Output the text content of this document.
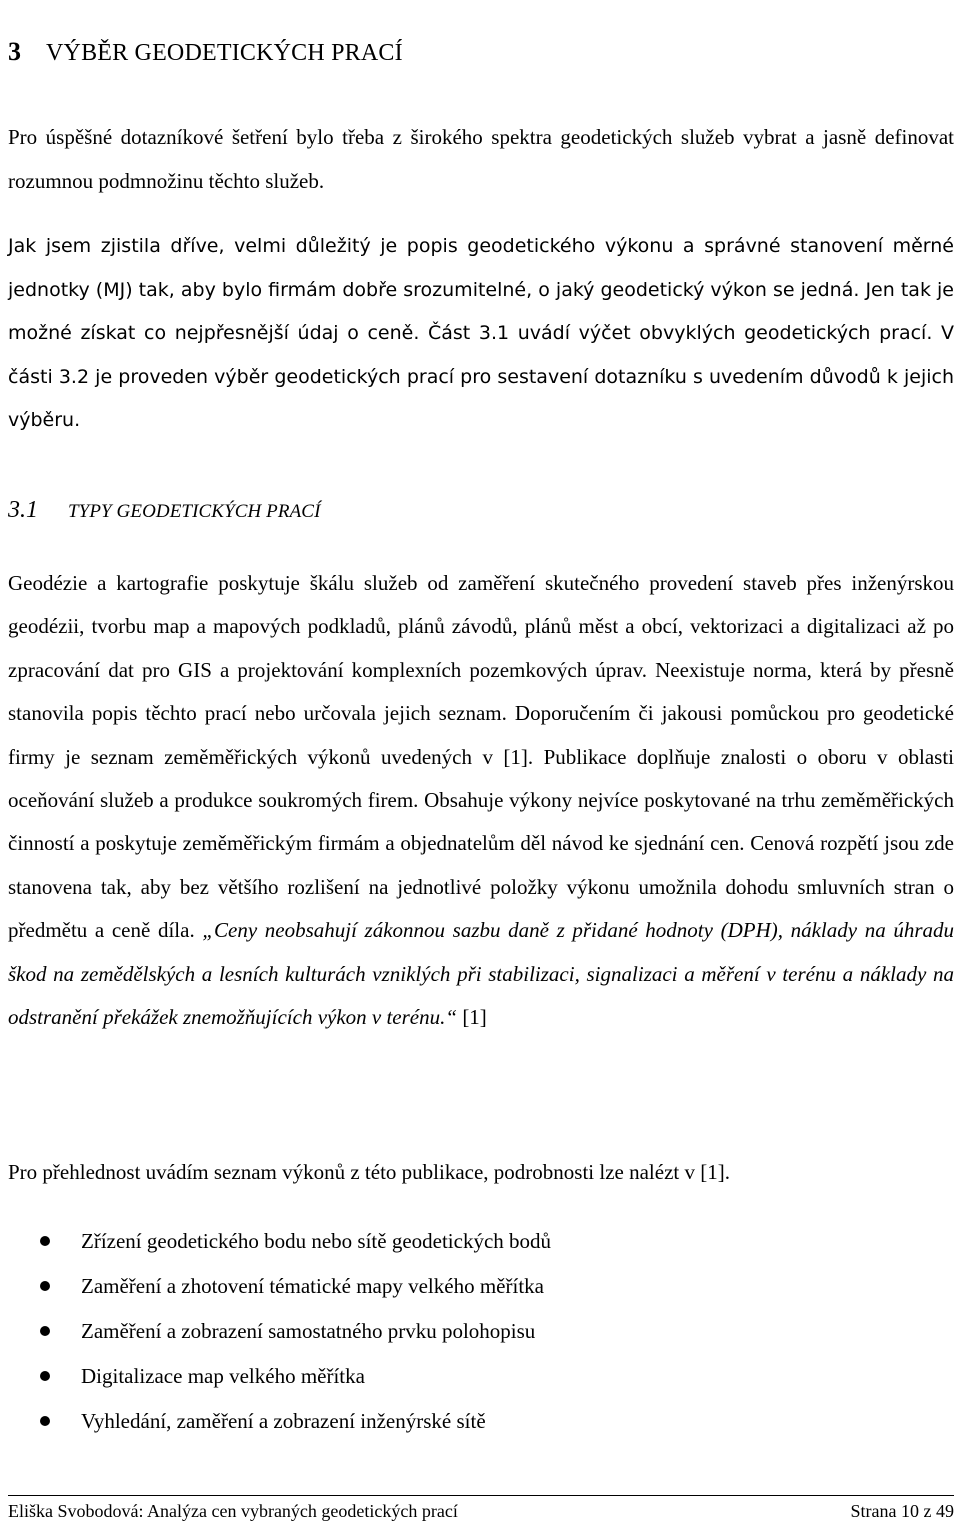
3 VÝBĚR GEODETICKÝCH PRACÍ

Pro úspěšné dotazníkové šetření bylo třeba z širokého spektra geodetických služeb vybrat a jasně definovat rozumnou podmnožinu těchto služeb.

Jak jsem zjistila dříve, velmi důležitý je popis geodetického výkonu a správné stanovení měrné jednotky (MJ) tak, aby bylo firmám dobře srozumitelné, o jaký geodetický výkon se jedná. Jen tak je možné získat co nejpřesnější údaj o ceně. Část 3.1 uvádí výčet obvyklých geodetických prací. V části 3.2 je proveden výběr geodetických prací pro sestavení dotazníku s uvedením důvodů k jejich výběru.

3.1 TYPY GEODETICKÝCH PRACÍ

Geodézie a kartografie poskytuje škálu služeb od zaměření skutečného provedení staveb přes inženýrskou geodézii, tvorbu map a mapových podkladů, plánů závodů, plánů měst a obcí, vektorizaci a digitalizaci až po zpracování dat pro GIS a projektování komplexních pozemkových úprav. Neexistuje norma, která by přesně stanovila popis těchto prací nebo určovala jejich seznam. Doporučením či jakousi pomůckou pro geodetické firmy je seznam zeměměřických výkonů uvedených v [1]. Publikace doplňuje znalosti o oboru v oblasti oceňování služeb a produkce soukromých firem. Obsahuje výkony nejvíce poskytované na trhu zeměměřických činností a poskytuje zeměměřickým firmám a objednatelům děl návod ke sjednání cen. Cenová rozpětí jsou zde stanovena tak, aby bez většího rozlišení na jednotlivé položky výkonu umožnila dohodu smluvních stran o předmětu a ceně díla. „Ceny neobsahují zákonnou sazbu daně z přidané hodnoty (DPH), náklady na úhradu škod na zemědělských a lesních kulturách vzniklých při stabilizaci, signalizaci a měření v terénu a náklady na odstranění překážek znemožňujících výkon v terénu.“ [1]

Pro přehlednost uvádím seznam výkonů z této publikace, podrobnosti lze nalézt v [1].

Zřízení geodetického bodu nebo sítě geodetických bodů
Zaměření a zhotovení tématické mapy velkého měřítka
Zaměření a zobrazení samostatného prvku polohopisu
Digitalizace map velkého měřítka
Vyhledání, zaměření a zobrazení inženýrské sítě
Eliška Svobodová: Analýza cen vybraných geodetických prací	Strana 10 z 49
